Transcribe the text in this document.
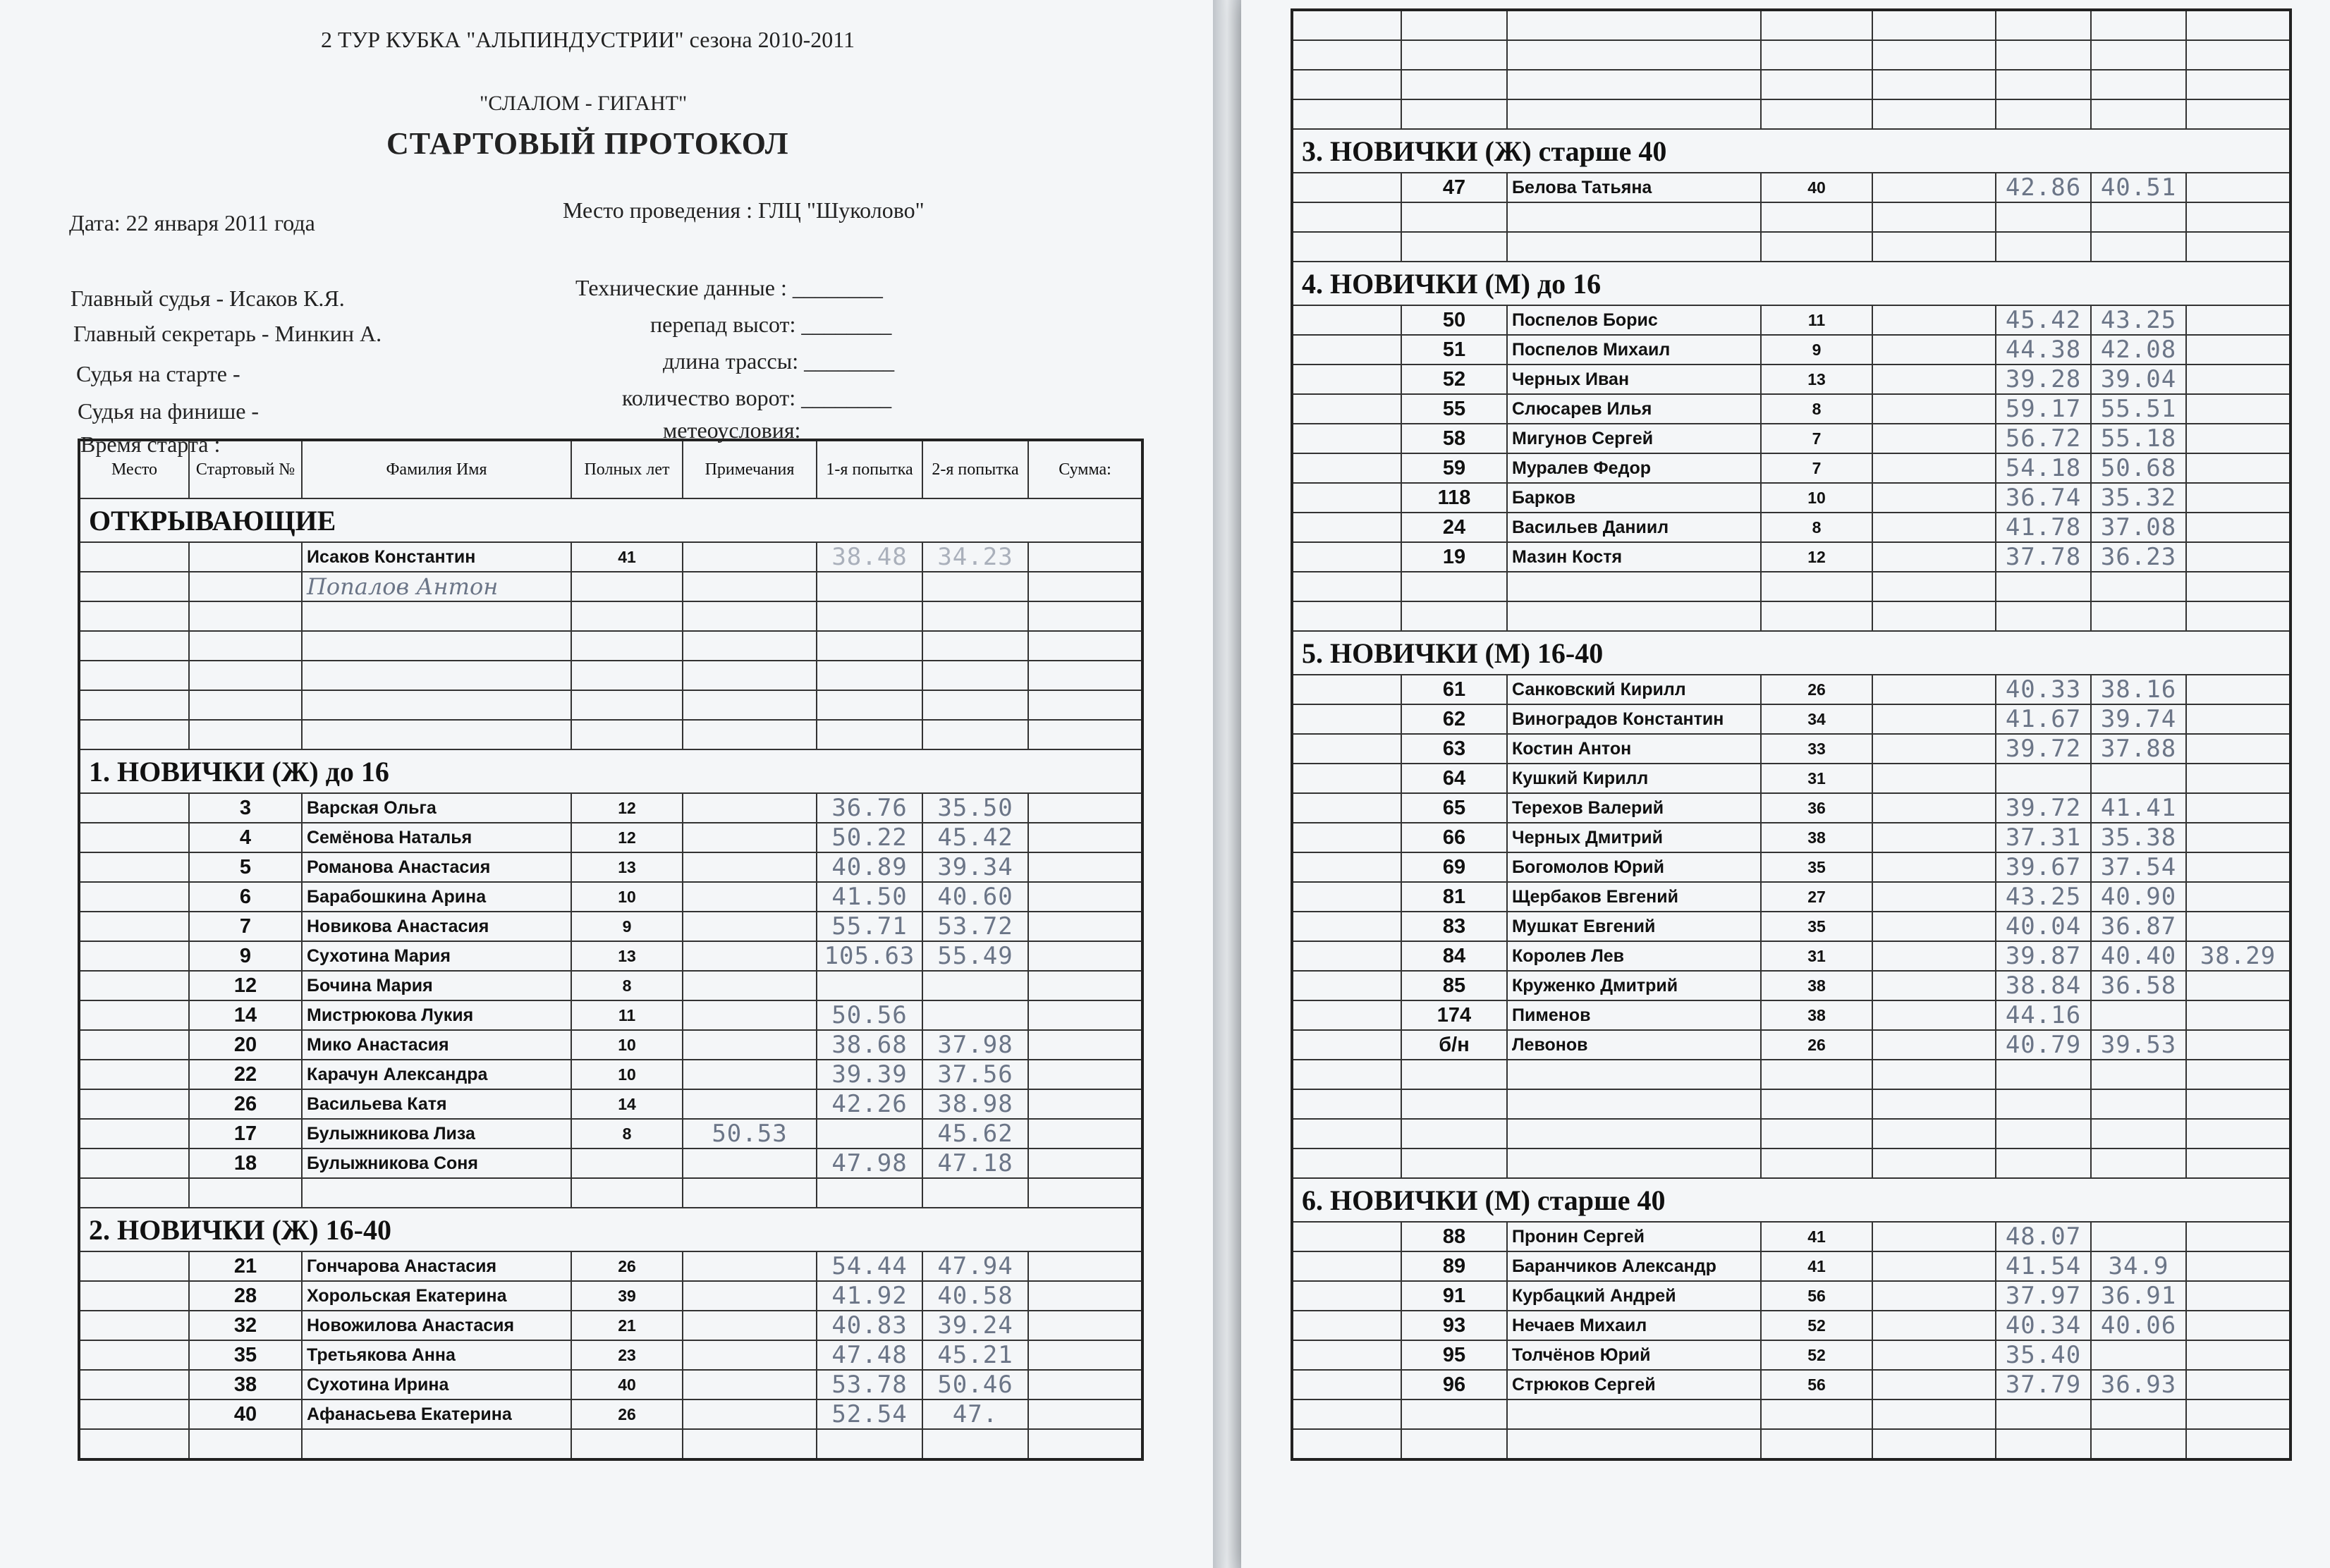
2 ТУР КУБКА "АЛЬПИНДУСТРИИ" сезона 2010-2011
"СЛАЛОМ - ГИГАНТ"
СТАРТОВЫЙ ПРОТОКОЛ
Дата: 22 января 2011 года	Место проведения : ГЛЦ "Шуколово"
Главный судья - Исаков К.Я.
Главный секретарь - Минкин А.
Судья на старте -
Судья на финише -
Время старта :
Технические данные : ________
перепад высот: ________
длина трассы: ________
количество ворот: ________
метеоусловия:
Место	Стартовый №	Фамилия Имя	Полных лет	Примечания	1-я попытка	2-я попытка	Сумма:
ОТКРЫВАЮЩИЕ							
		Исаков Константин	41		38.48	34.23	
		Попалов Антон					

1. НОВИЧКИ (Ж) до 16							
	3	Варская Ольга	12		36.76	35.50	
	4	Семёнова Наталья	12		50.22	45.42	
	5	Романова Анастасия	13		40.89	39.34	
	6	Барабошкина Арина	10		41.50	40.60	
	7	Новикова Анастасия	9		55.71	53.72	
	9	Сухотина Мария	13		105.63	55.49	
	12	Бочина Мария	8				
	14	Мистрюкова Лукия	11		50.56		
	20	Мико Анастасия	10		38.68	37.98	
	22	Карачун Александра	10		39.39	37.56	
	26	Васильева Катя	14		42.26	38.98	
	17	Булыжникова Лиза	8	50.53		45.62	
	18	Булыжникова Соня			47.98	47.18	

2. НОВИЧКИ (Ж) 16-40							
	21	Гончарова Анастасия	26		54.44	47.94	
	28	Хорольская Екатерина	39		41.92	40.58	
	32	Новожилова Анастасия	21		40.83	39.24	
	35	Третьякова Анна	23		47.48	45.21	
	38	Сухотина Ирина	40		53.78	50.46	
	40	Афанасьева Екатерина	26		52.54	47.	

3. НОВИЧКИ (Ж) старше 40							
	47	Белова Татьяна	40		42.86	40.51	

4. НОВИЧКИ (М) до 16							
	50	Поспелов Борис	11		45.42	43.25	
	51	Поспелов Михаил	9		44.38	42.08	
	52	Черных Иван	13		39.28	39.04	
	55	Слюсарев Илья	8		59.17	55.51	
	58	Мигунов Сергей	7		56.72	55.18	
	59	Муралев Федор	7		54.18	50.68	
	118	Барков	10		36.74	35.32	
	24	Васильев Даниил	8		41.78	37.08	
	19	Мазин Костя	12		37.78	36.23	

5. НОВИЧКИ (М) 16-40							
	61	Санковский Кирилл	26		40.33	38.16	
	62	Виноградов Константин	34		41.67	39.74	
	63	Костин Антон	33		39.72	37.88	
	64	Кушкий Кирилл	31				
	65	Терехов Валерий	36		39.72	41.41	
	66	Черных Дмитрий	38		37.31	35.38	
	69	Богомолов Юрий	35		39.67	37.54	
	81	Щербаков Евгений	27		43.25	40.90	
	83	Мушкат Евгений	35		40.04	36.87	
	84	Королев Лев	31		39.87	40.40	38.29
	85	Круженко Дмитрий	38		38.84	36.58	
	174	Пименов	38		44.16		
	б/н	Левонов	26		40.79	39.53	

6. НОВИЧКИ (М) старше 40							
	88	Пронин Сергей	41		48.07		
	89	Баранчиков Александр	41		41.54	34.9	
	91	Курбацкий Андрей	56		37.97	36.91	
	93	Нечаев Михаил	52		40.34	40.06	
	95	Толчёнов Юрий	52		35.40		
	96	Стрюков Сергей	56		37.79	36.93	
